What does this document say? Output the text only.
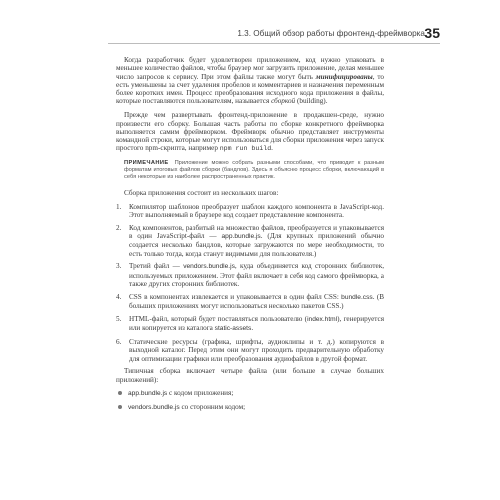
1.3. Общий обзор работы фронтенд-фреймворка 35

Когда разработчик будет удовлетворен приложением, код нужно упаковать в меньшее количество файлов, чтобы браузер мог загрузить приложение, делая меньшее число запросов к сервису. При этом файлы также могут быть минифицированы, то есть уменьшены за счет удаления пробелов и комментариев и назначения переменным более коротких имен. Процесс преобразования исходного кода приложения в файлы, которые поставляются пользователям, называется сборкой (building).

Прежде чем развертывать фронтенд-приложение в продакшен-среде, нужно произвести его сборку. Большая часть работы по сборке конкретного фреймворка выполняется самим фреймворком. Фреймворк обычно представляет инструменты командной строки, которые могут использоваться для сборки приложения через запуск простого npm-скрипта, например npm run build.

ПРИМЕЧАНИЕ Приложение можно собрать разными способами, что приводит к разным форматам итоговых файлов сборки (бандлов). Здесь я объясню процесс сборки, включающий в себя некоторые из наиболее распространенных практик.

Сборка приложения состоит из нескольких шагов:

1. Компилятор шаблонов преобразует шаблон каждого компонента в JavaScript-код. Этот выполняемый в браузере код создает представление компонента.
2. Код компонентов, разбитый на множество файлов, преобразуется и упаковывается в один JavaScript-файл — app.bundle.js. (Для крупных приложений обычно создается несколько бандлов, которые загружаются по мере необходимости, то есть только тогда, когда станут видимыми для пользователя.)
3. Третий файл — vendors.bundle.js, куда объединяется код сторонних библиотек, используемых приложением. Этот файл включает в себя код самого фреймворка, а также других сторонних библиотек.
4. CSS в компонентах извлекается и упаковывается в один файл CSS: bundle.css. (В больших приложениях могут использоваться несколько пакетов CSS.)
5. HTML-файл, который будет поставляться пользователю (index.html), генерируется или копируется из каталога static-assets.
6. Статические ресурсы (графика, шрифты, аудиоклипы и т. д.) копируются в выходной каталог. Перед этим они могут проходить предварительную обработку для оптимизации графики или преобразования аудиофайлов в другой формат.

Типичная сборка включает четыре файла (или больше в случае больших приложений):

app.bundle.js с кодом приложения;
vendors.bundle.js со сторонним кодом;
